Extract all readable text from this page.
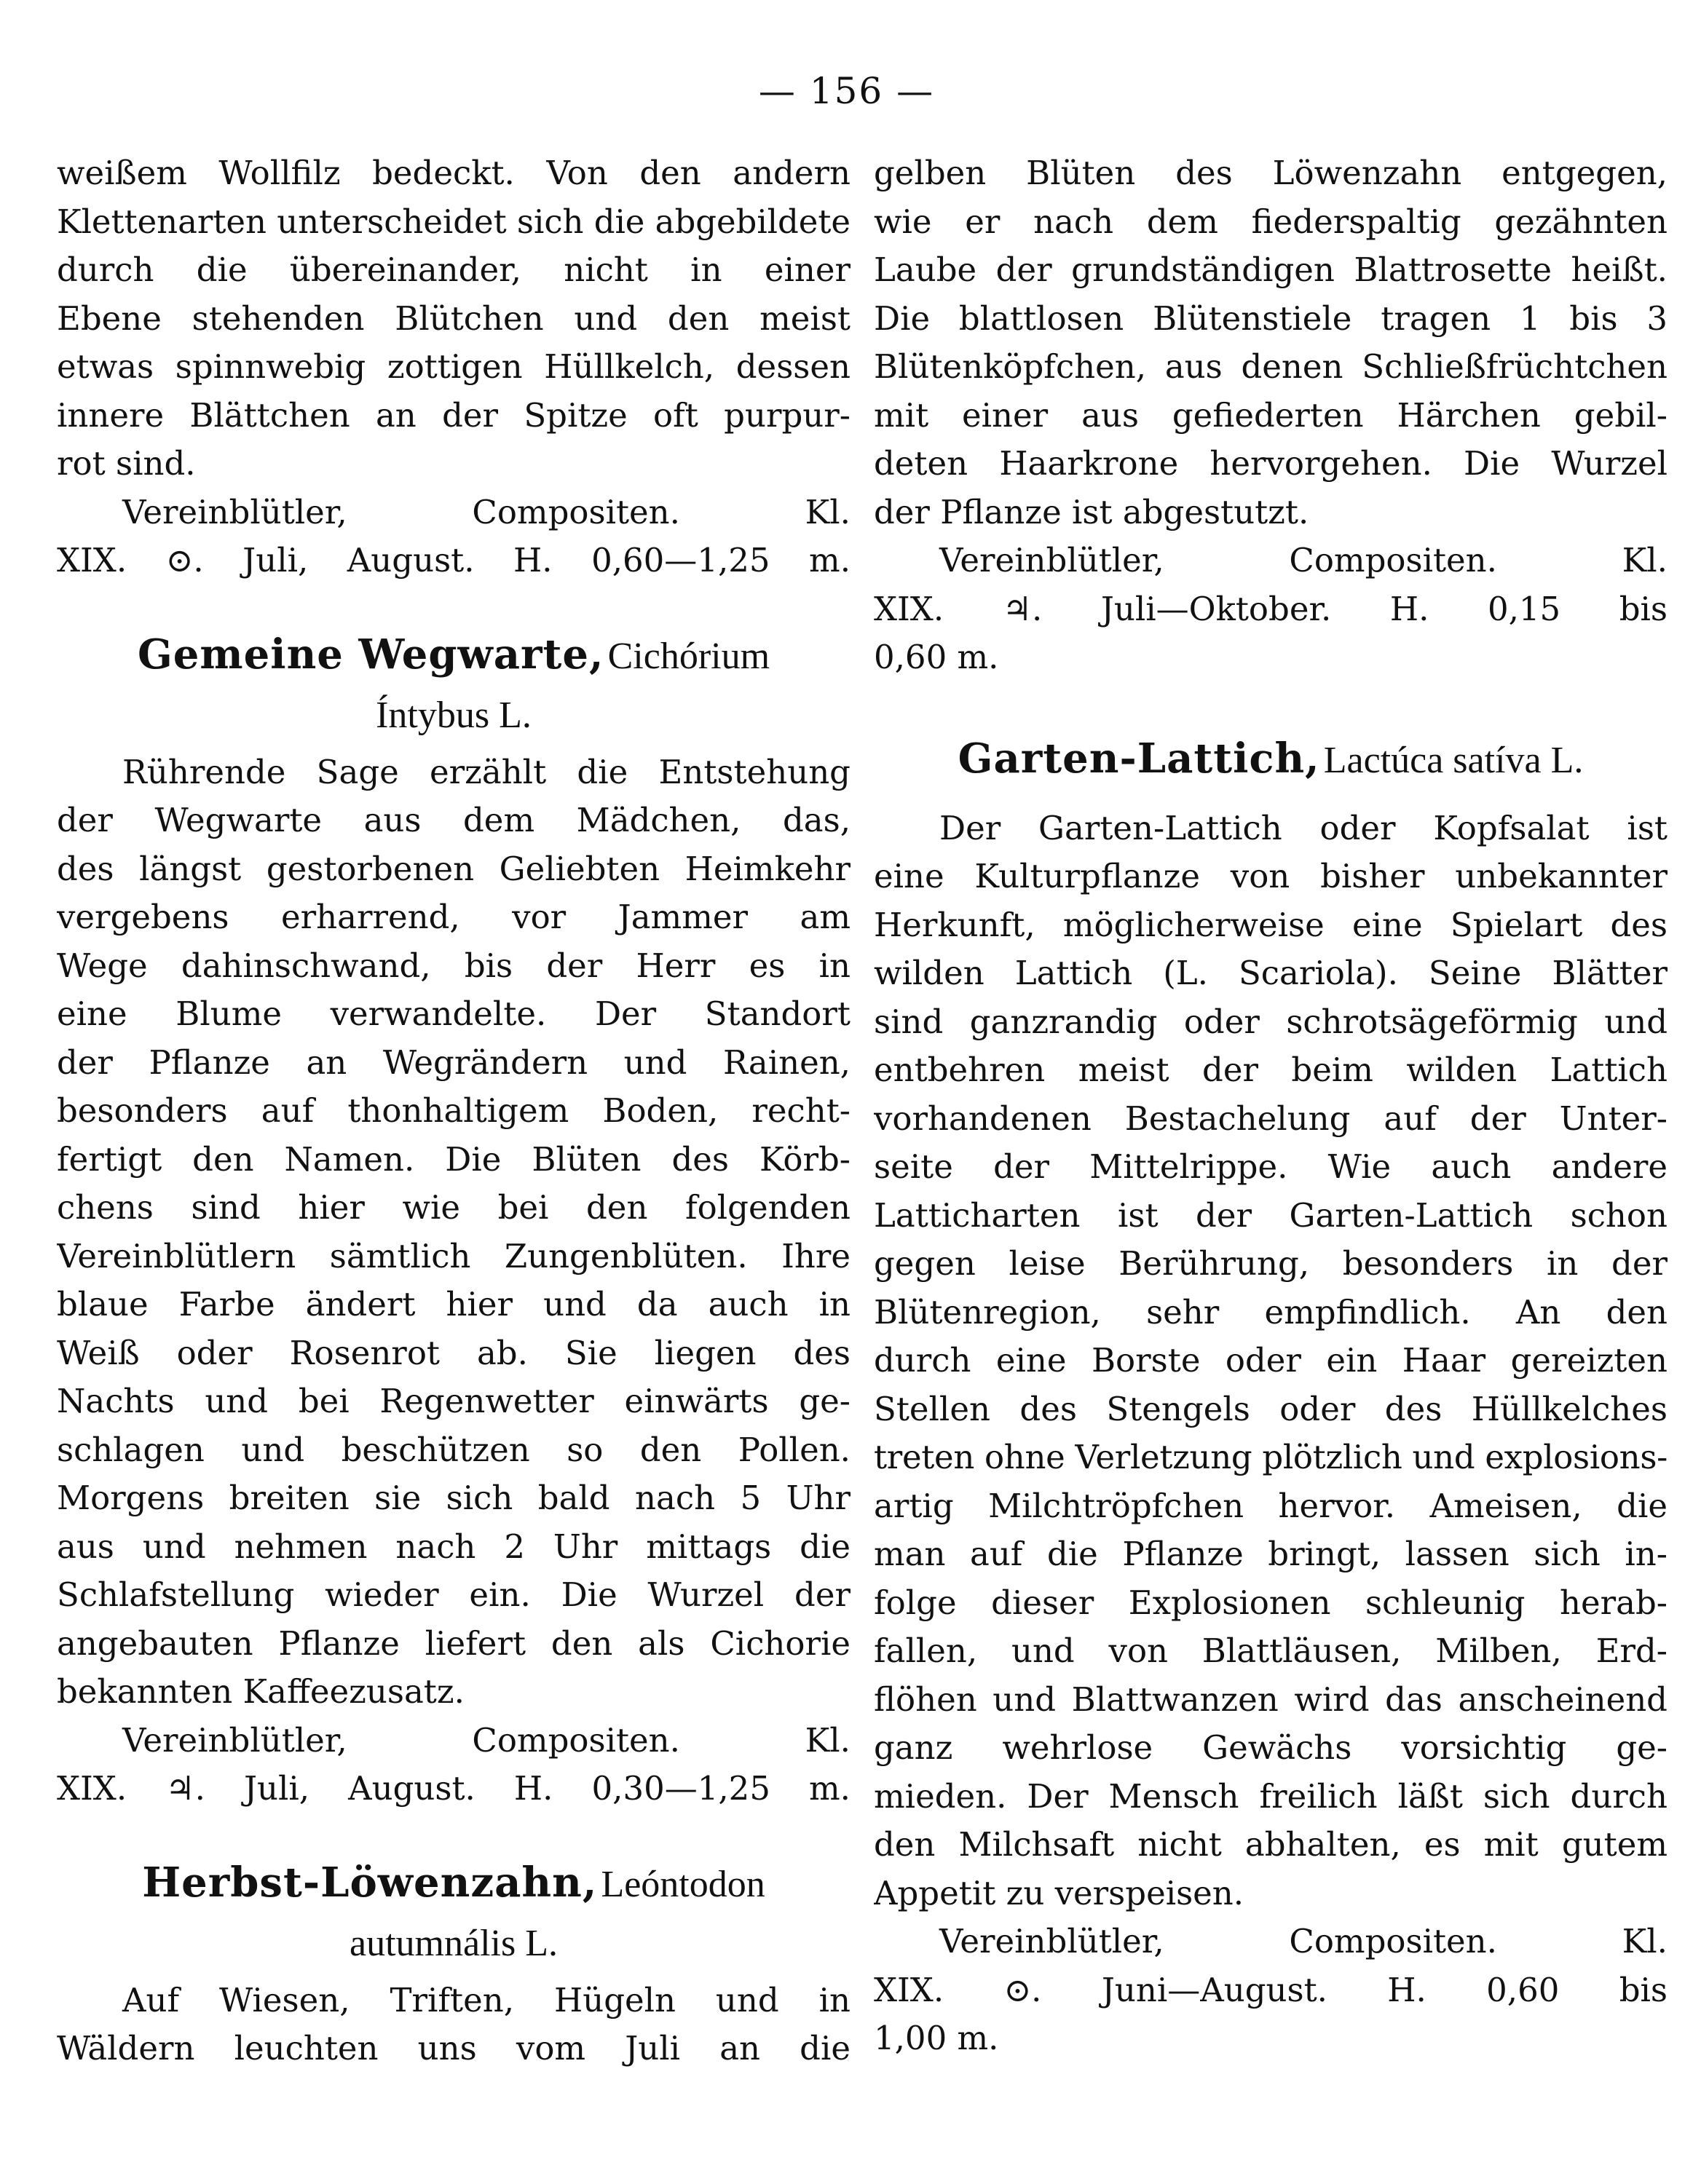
— 156 —
weißem Wollfilz bedeckt. Von den andern
Klettenarten unterscheidet sich die abgebildete
durch die übereinander, nicht in einer
Ebene stehenden Blütchen und den meist
etwas spinnwebig zottigen Hüllkelch, dessen
innere Blättchen an der Spitze oft purpur-
rot sind.
Vereinblütler, Compositen. Kl.
XIX. ⊙. Juli, August. H. 0,60—1,25 m.
Gemeine Wegwarte, Cichórium
Íntybus L.
Rührende Sage erzählt die Entstehung
der Wegwarte aus dem Mädchen, das,
des längst gestorbenen Geliebten Heimkehr
vergebens erharrend, vor Jammer am
Wege dahinschwand, bis der Herr es in
eine Blume verwandelte. Der Standort
der Pflanze an Wegrändern und Rainen,
besonders auf thonhaltigem Boden, recht-
fertigt den Namen. Die Blüten des Körb-
chens sind hier wie bei den folgenden
Vereinblütlern sämtlich Zungenblüten. Ihre
blaue Farbe ändert hier und da auch in
Weiß oder Rosenrot ab. Sie liegen des
Nachts und bei Regenwetter einwärts ge-
schlagen und beschützen so den Pollen.
Morgens breiten sie sich bald nach 5 Uhr
aus und nehmen nach 2 Uhr mittags die
Schlafstellung wieder ein. Die Wurzel der
angebauten Pflanze liefert den als Cichorie
bekannten Kaffeezusatz.
Vereinblütler, Compositen. Kl.
XIX. ♃. Juli, August. H. 0,30—1,25 m.
Herbst-Löwenzahn, Leóntodon
autumnális L.
Auf Wiesen, Triften, Hügeln und in
Wäldern leuchten uns vom Juli an die
gelben Blüten des Löwenzahn entgegen,
wie er nach dem fiederspaltig gezähnten
Laube der grundständigen Blattrosette heißt.
Die blattlosen Blütenstiele tragen 1 bis 3
Blütenköpfchen, aus denen Schließfrüchtchen
mit einer aus gefiederten Härchen gebil-
deten Haarkrone hervorgehen. Die Wurzel
der Pflanze ist abgestutzt.
Vereinblütler, Compositen. Kl.
XIX. ♃. Juli—Oktober. H. 0,15 bis
0,60 m.
Garten-Lattich, Lactúca satíva L.
Der Garten-Lattich oder Kopfsalat ist
eine Kulturpflanze von bisher unbekannter
Herkunft, möglicherweise eine Spielart des
wilden Lattich (L. Scariola). Seine Blätter
sind ganzrandig oder schrotsägeförmig und
entbehren meist der beim wilden Lattich
vorhandenen Bestachelung auf der Unter-
seite der Mittelrippe. Wie auch andere
Latticharten ist der Garten-Lattich schon
gegen leise Berührung, besonders in der
Blütenregion, sehr empfindlich. An den
durch eine Borste oder ein Haar gereizten
Stellen des Stengels oder des Hüllkelches
treten ohne Verletzung plötzlich und explosions-
artig Milchtröpfchen hervor. Ameisen, die
man auf die Pflanze bringt, lassen sich in-
folge dieser Explosionen schleunig herab-
fallen, und von Blattläusen, Milben, Erd-
flöhen und Blattwanzen wird das anscheinend
ganz wehrlose Gewächs vorsichtig ge-
mieden. Der Mensch freilich läßt sich durch
den Milchsaft nicht abhalten, es mit gutem
Appetit zu verspeisen.
Vereinblütler, Compositen. Kl.
XIX. ⊙. Juni—August. H. 0,60 bis
1,00 m.
